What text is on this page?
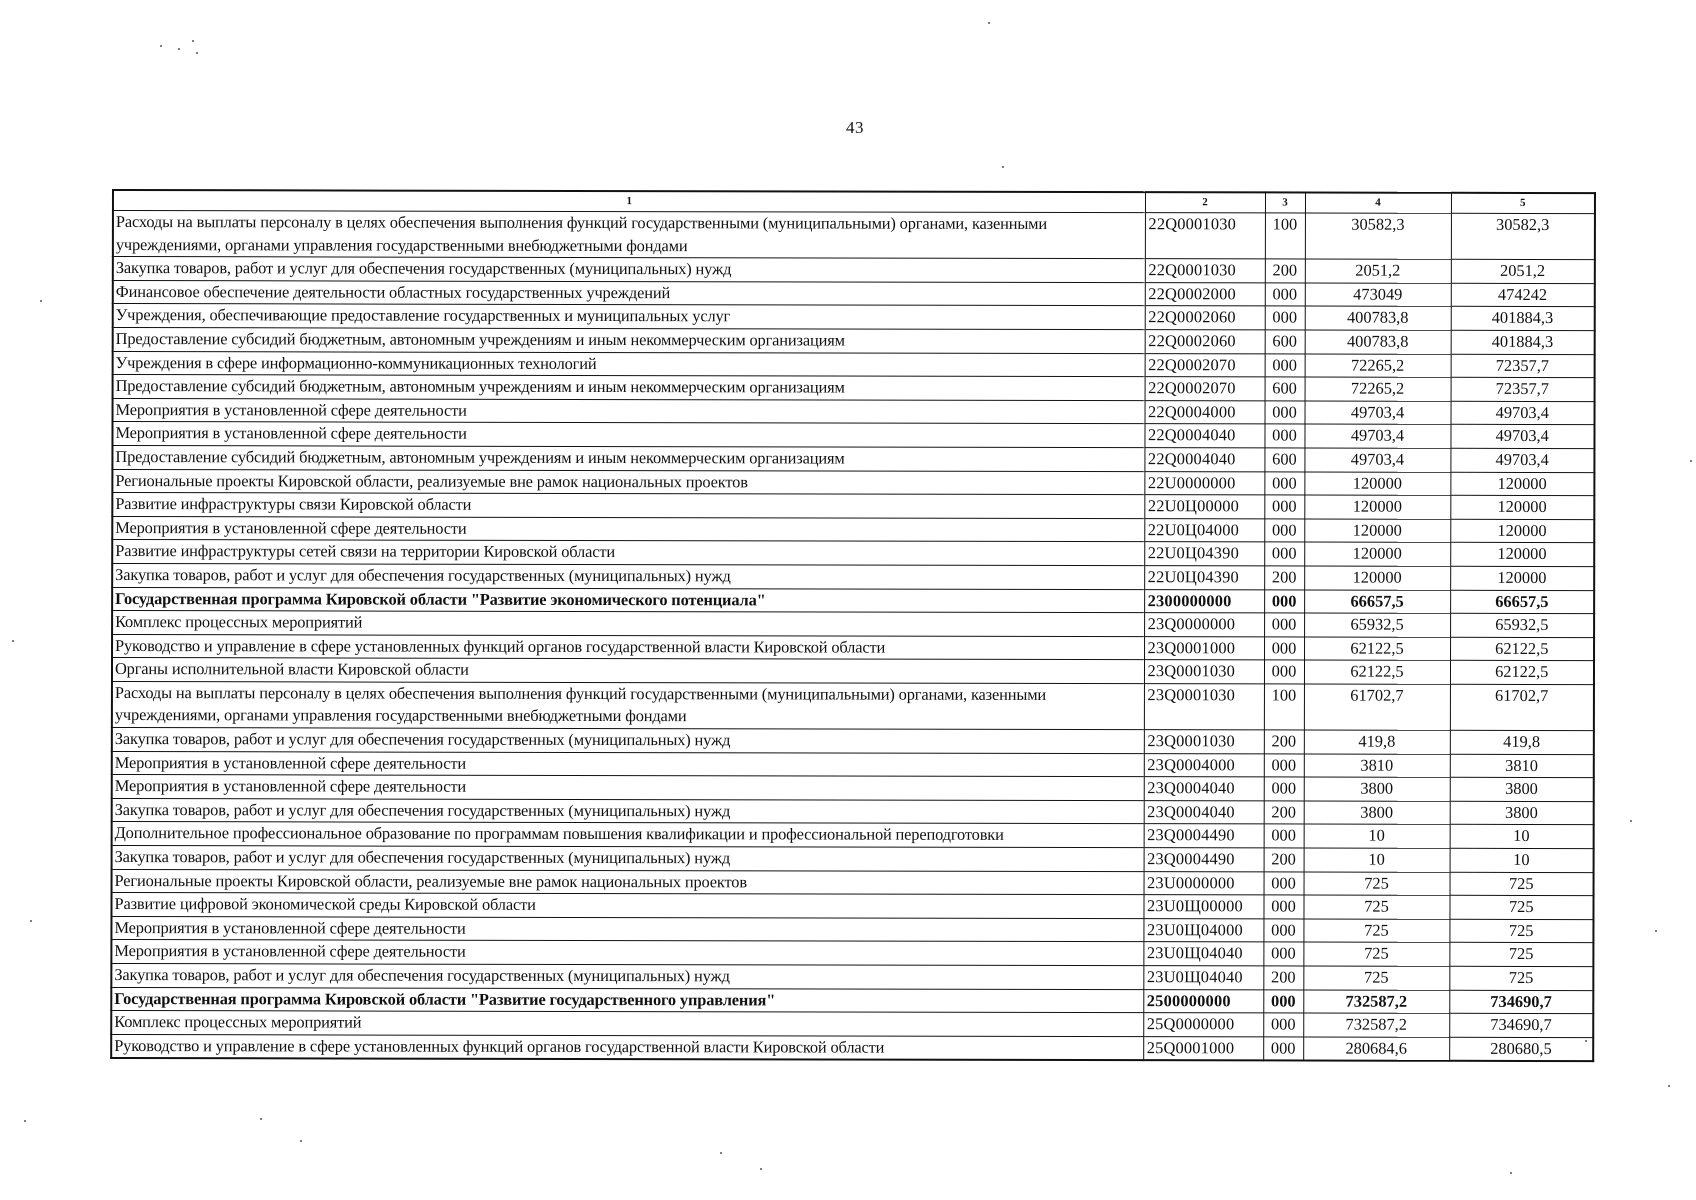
43
1	2	3	4	5
Расходы на выплаты персоналу в целях обеспечения выполнения функций государственными (муниципальными) органами, казенными учреждениями, органами управления государственными внебюджетными фондами	22Q0001030	100	30582,3	30582,3
Закупка товаров, работ и услуг для обеспечения государственных (муниципальных) нужд	22Q0001030	200	2051,2	2051,2
Финансовое обеспечение деятельности областных государственных учреждений	22Q0002000	000	473049	474242
Учреждения, обеспечивающие предоставление государственных и муниципальных услуг	22Q0002060	000	400783,8	401884,3
Предоставление субсидий бюджетным, автономным учреждениям и иным некоммерческим организациям	22Q0002060	600	400783,8	401884,3
Учреждения в сфере информационно-коммуникационных технологий	22Q0002070	000	72265,2	72357,7
Предоставление субсидий бюджетным, автономным учреждениям и иным некоммерческим организациям	22Q0002070	600	72265,2	72357,7
Мероприятия в установленной сфере деятельности	22Q0004000	000	49703,4	49703,4
Мероприятия в установленной сфере деятельности	22Q0004040	000	49703,4	49703,4
Предоставление субсидий бюджетным, автономным учреждениям и иным некоммерческим организациям	22Q0004040	600	49703,4	49703,4
Региональные проекты Кировской области, реализуемые вне рамок национальных проектов	22U0000000	000	120000	120000
Развитие инфраструктуры связи Кировской области	22U0Ц00000	000	120000	120000
Мероприятия в установленной сфере деятельности	22U0Ц04000	000	120000	120000
Развитие инфраструктуры сетей связи на территории Кировской области	22U0Ц04390	000	120000	120000
Закупка товаров, работ и услуг для обеспечения государственных (муниципальных) нужд	22U0Ц04390	200	120000	120000
Государственная программа Кировской области "Развитие экономического потенциала"	2300000000	000	66657,5	66657,5
Комплекс процессных мероприятий	23Q0000000	000	65932,5	65932,5
Руководство и управление в сфере установленных функций органов государственной власти Кировской области	23Q0001000	000	62122,5	62122,5
Органы исполнительной власти Кировской области	23Q0001030	000	62122,5	62122,5
Расходы на выплаты персоналу в целях обеспечения выполнения функций государственными (муниципальными) органами, казенными учреждениями, органами управления государственными внебюджетными фондами	23Q0001030	100	61702,7	61702,7
Закупка товаров, работ и услуг для обеспечения государственных (муниципальных) нужд	23Q0001030	200	419,8	419,8
Мероприятия в установленной сфере деятельности	23Q0004000	000	3810	3810
Мероприятия в установленной сфере деятельности	23Q0004040	000	3800	3800
Закупка товаров, работ и услуг для обеспечения государственных (муниципальных) нужд	23Q0004040	200	3800	3800
Дополнительное профессиональное образование по программам повышения квалификации и профессиональной переподготовки	23Q0004490	000	10	10
Закупка товаров, работ и услуг для обеспечения государственных (муниципальных) нужд	23Q0004490	200	10	10
Региональные проекты Кировской области, реализуемые вне рамок национальных проектов	23U0000000	000	725	725
Развитие цифровой экономической среды Кировской области	23U0Щ00000	000	725	725
Мероприятия в установленной сфере деятельности	23U0Щ04000	000	725	725
Мероприятия в установленной сфере деятельности	23U0Щ04040	000	725	725
Закупка товаров, работ и услуг для обеспечения государственных (муниципальных) нужд	23U0Щ04040	200	725	725
Государственная программа Кировской области "Развитие государственного управления"	2500000000	000	732587,2	734690,7
Комплекс процессных мероприятий	25Q0000000	000	732587,2	734690,7
Руководство и управление в сфере установленных функций органов государственной власти Кировской области	25Q0001000	000	280684,6	280680,5
